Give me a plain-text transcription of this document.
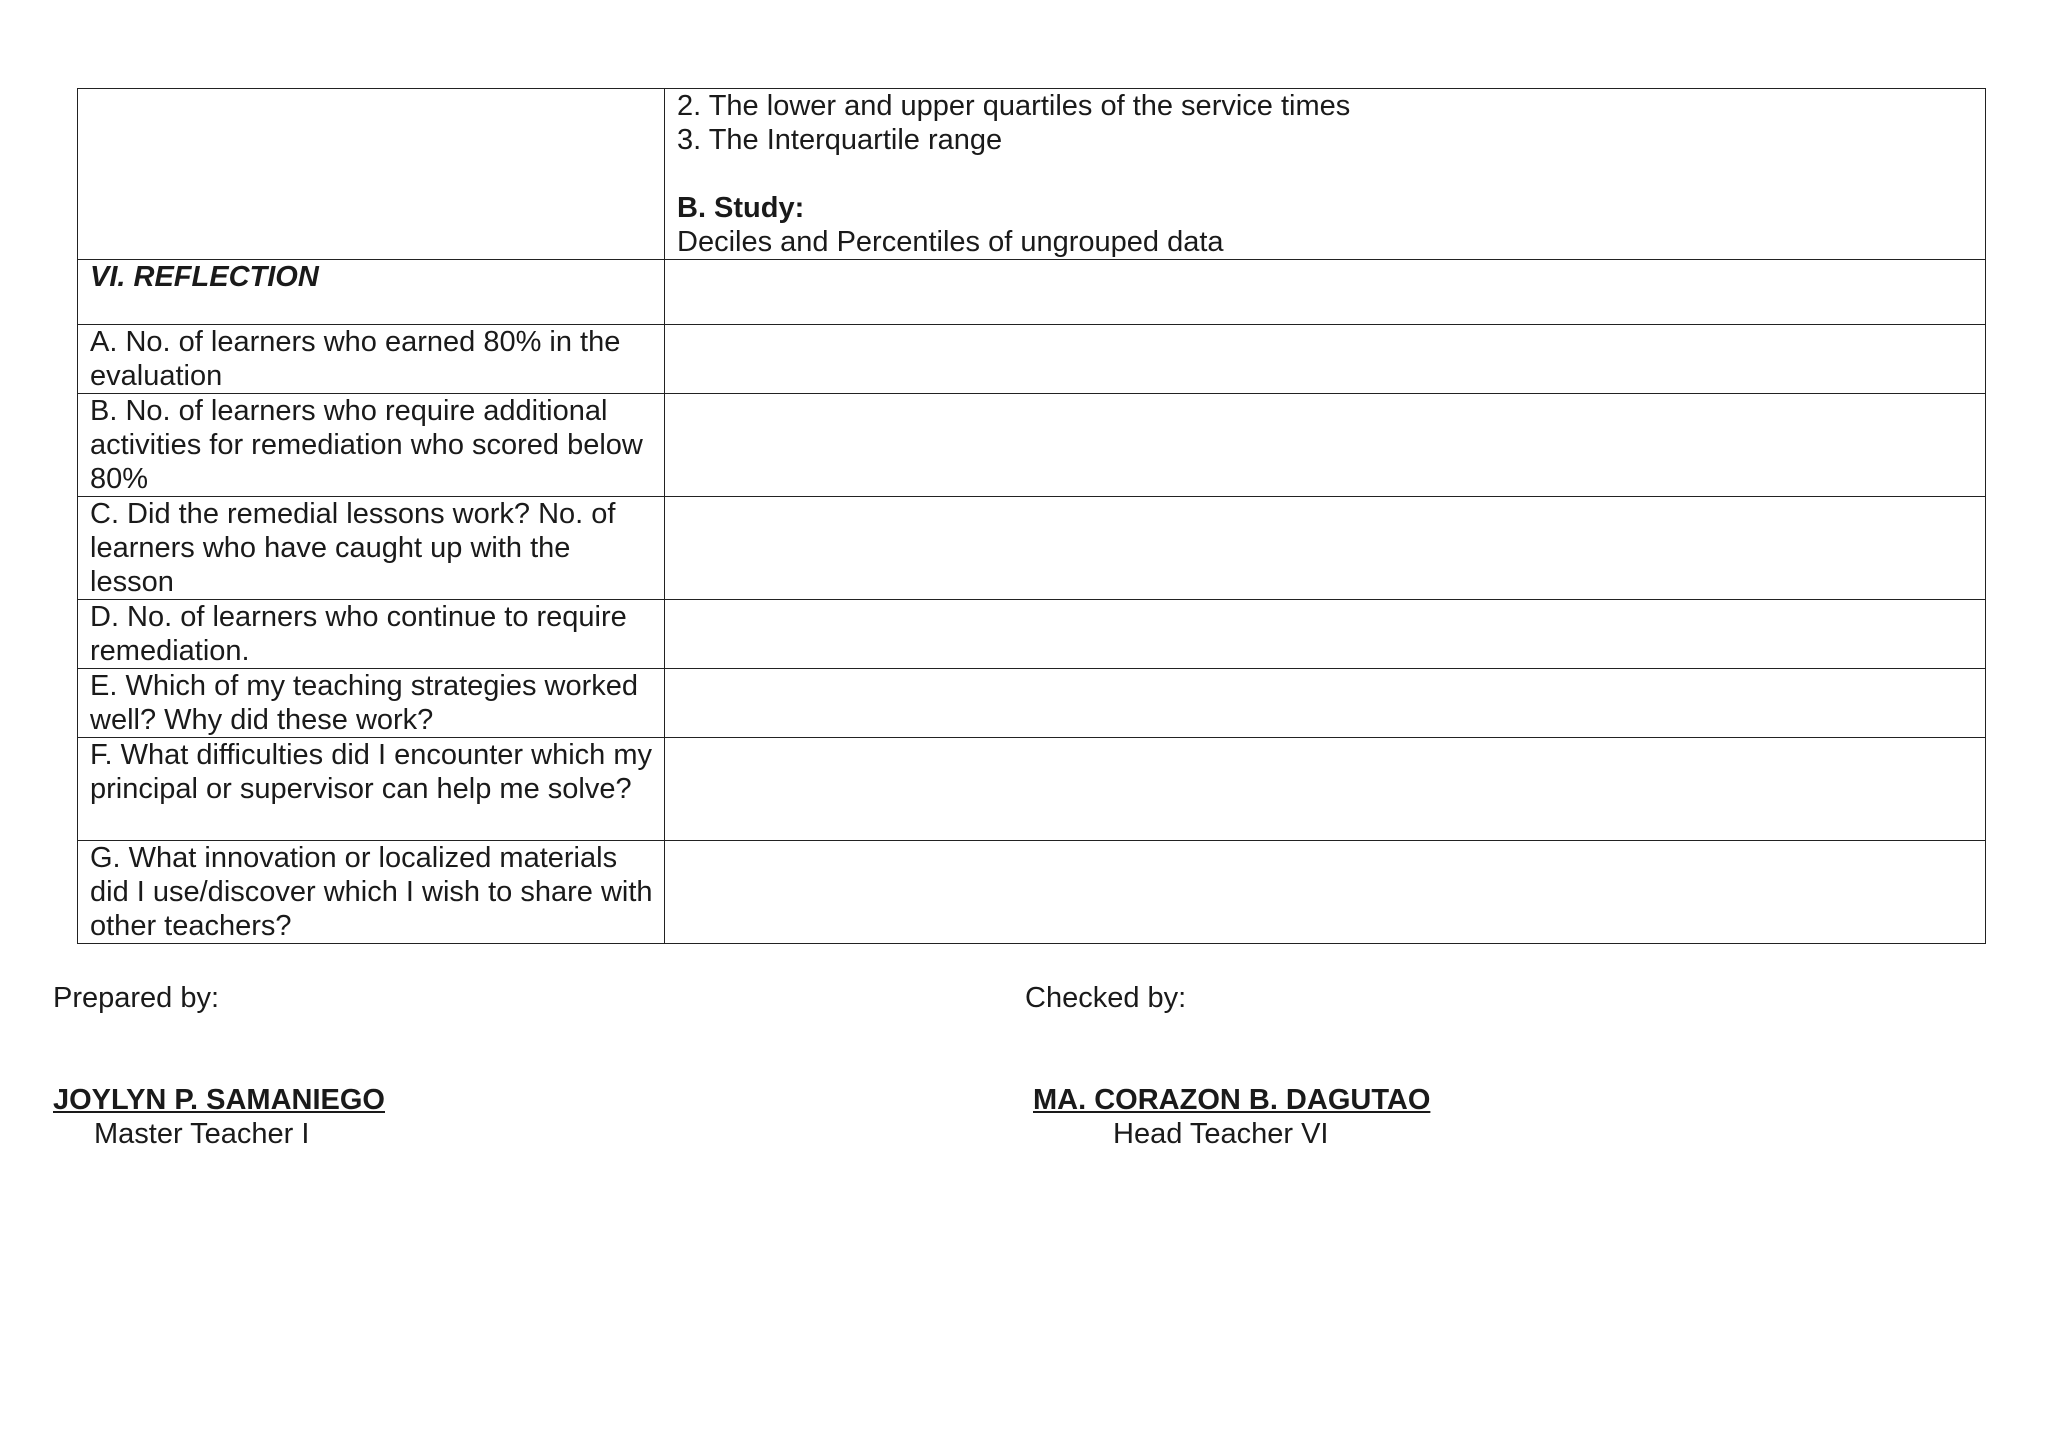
	2. The lower and upper quartiles of the service times
3. The Interquartile range
B. Study:
Deciles and Percentiles of ungrouped data

VI. REFLECTION	
A. No. of learners who earned 80% in the evaluation	
B. No. of learners who require additional activities for remediation who scored below 80%	
C. Did the remedial lessons work? No. of learners who have caught up with the lesson	
D. No. of learners who continue to require remediation.	
E. Which of my teaching strategies worked well? Why did these work?	
F. What difficulties did I encounter which my principal or supervisor can help me solve?	
G. What innovation or localized materials did I use/discover which I wish to share with other teachers?	
Prepared by:	Checked by:
JOYLYN P. SAMANIEGO
Master Teacher I
MA. CORAZON B. DAGUTAO
Head Teacher VI
